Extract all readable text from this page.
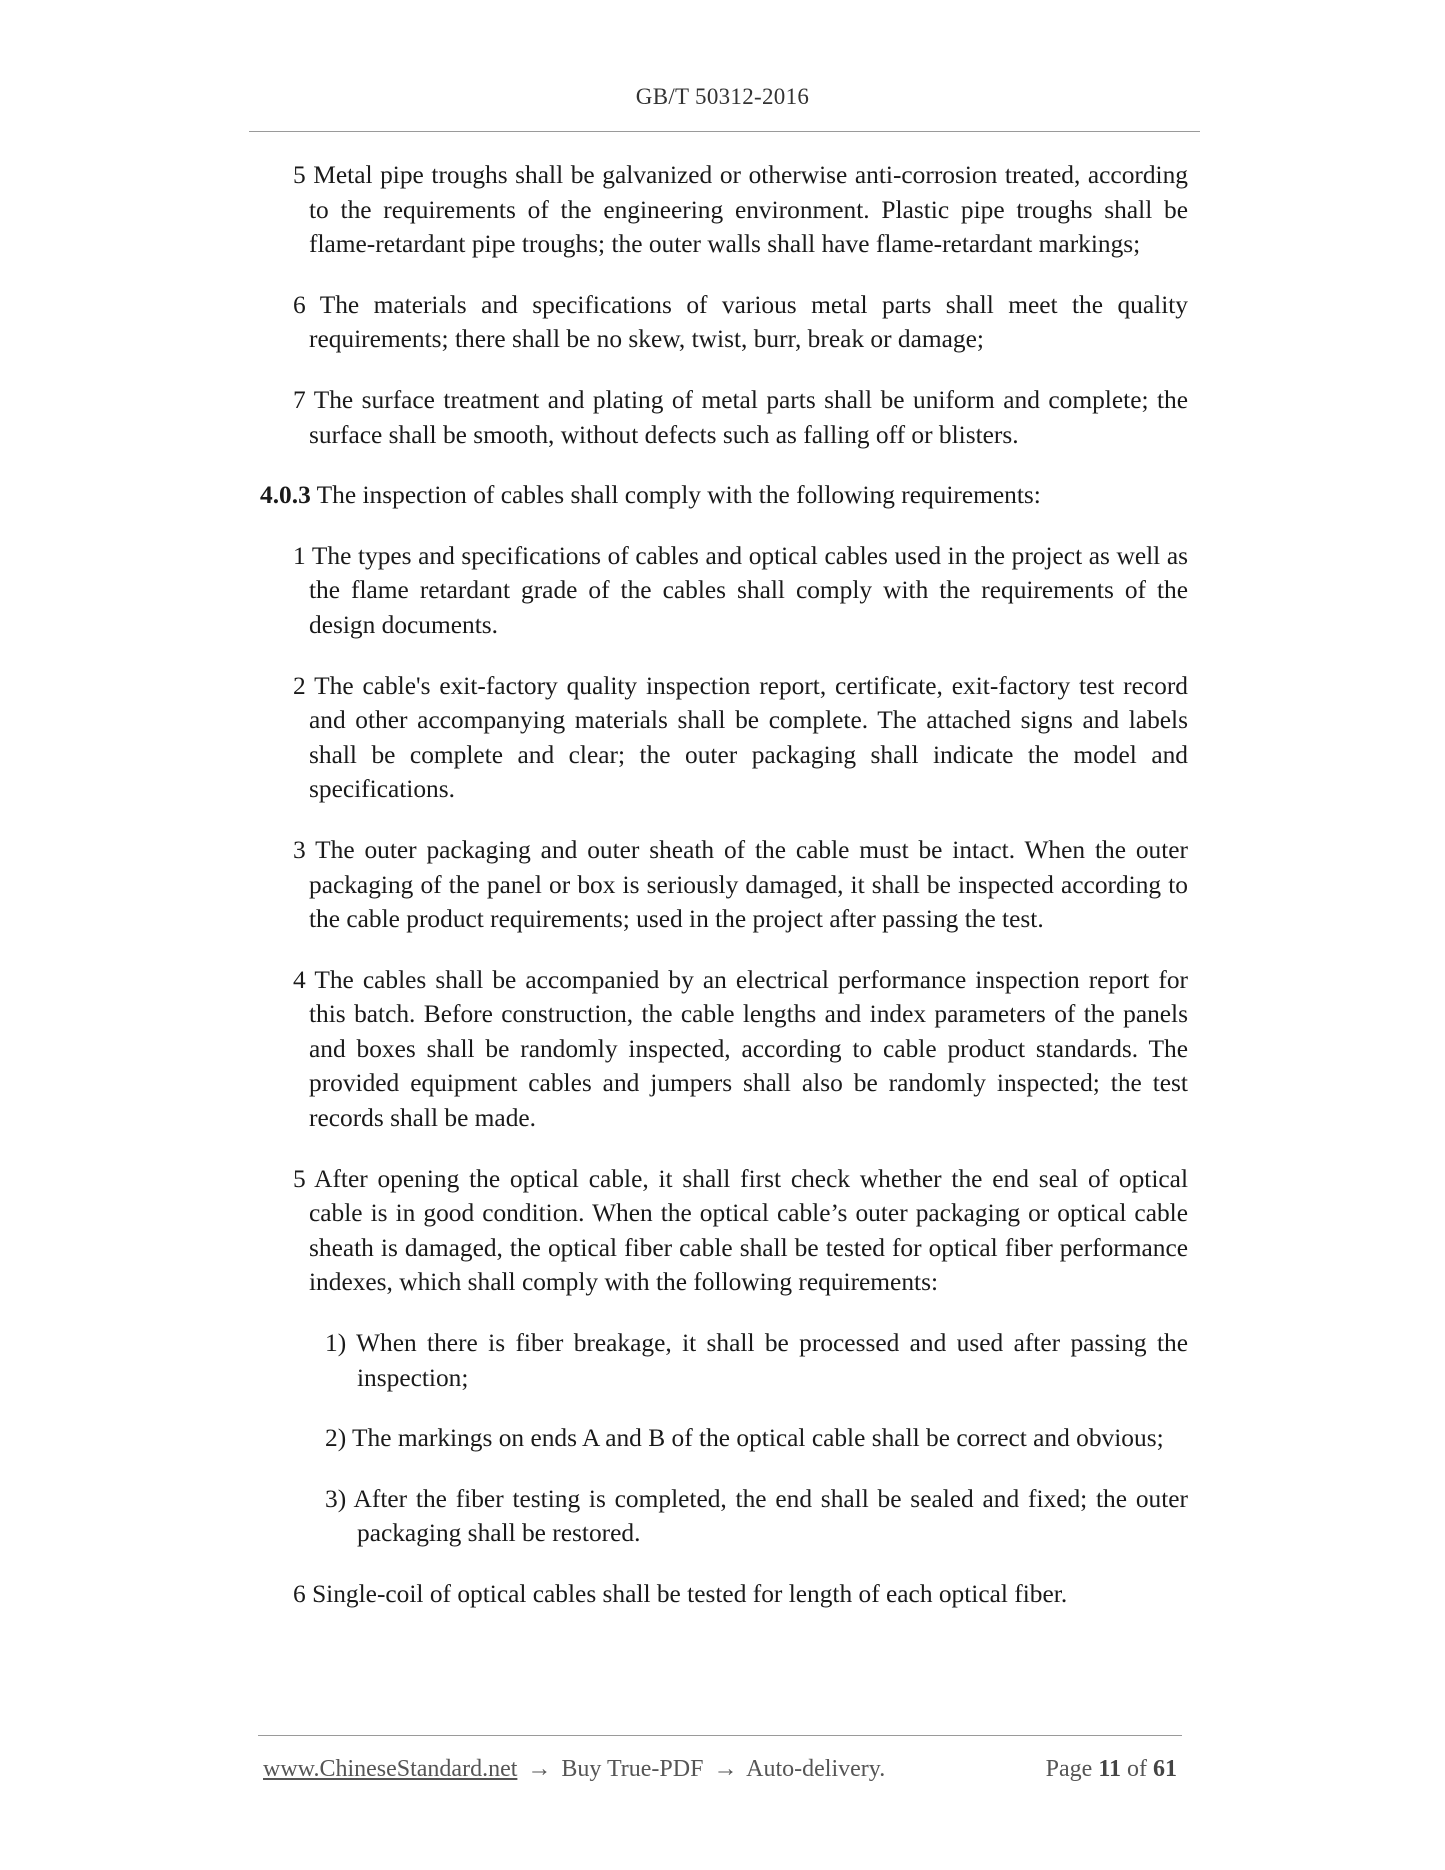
GB/T 50312-2016

5 Metal pipe troughs shall be galvanized or otherwise anti-corrosion treated, according to the requirements of the engineering environment. Plastic pipe troughs shall be flame-retardant pipe troughs; the outer walls shall have flame-retardant markings;

6 The materials and specifications of various metal parts shall meet the quality requirements; there shall be no skew, twist, burr, break or damage;

7 The surface treatment and plating of metal parts shall be uniform and complete; the surface shall be smooth, without defects such as falling off or blisters.

4.0.3 The inspection of cables shall comply with the following requirements:

1 The types and specifications of cables and optical cables used in the project as well as the flame retardant grade of the cables shall comply with the requirements of the design documents.

2 The cable's exit-factory quality inspection report, certificate, exit-factory test record and other accompanying materials shall be complete. The attached signs and labels shall be complete and clear; the outer packaging shall indicate the model and specifications.

3 The outer packaging and outer sheath of the cable must be intact. When the outer packaging of the panel or box is seriously damaged, it shall be inspected according to the cable product requirements; used in the project after passing the test.

4 The cables shall be accompanied by an electrical performance inspection report for this batch. Before construction, the cable lengths and index parameters of the panels and boxes shall be randomly inspected, according to cable product standards. The provided equipment cables and jumpers shall also be randomly inspected; the test records shall be made.

5 After opening the optical cable, it shall first check whether the end seal of optical cable is in good condition. When the optical cable’s outer packaging or optical cable sheath is damaged, the optical fiber cable shall be tested for optical fiber performance indexes, which shall comply with the following requirements:

1) When there is fiber breakage, it shall be processed and used after passing the inspection;

2) The markings on ends A and B of the optical cable shall be correct and obvious;

3) After the fiber testing is completed, the end shall be sealed and fixed; the outer packaging shall be restored.

6 Single-coil of optical cables shall be tested for length of each optical fiber.

www.ChineseStandard.net → Buy True-PDF → Auto-delivery.	Page 11 of 61
